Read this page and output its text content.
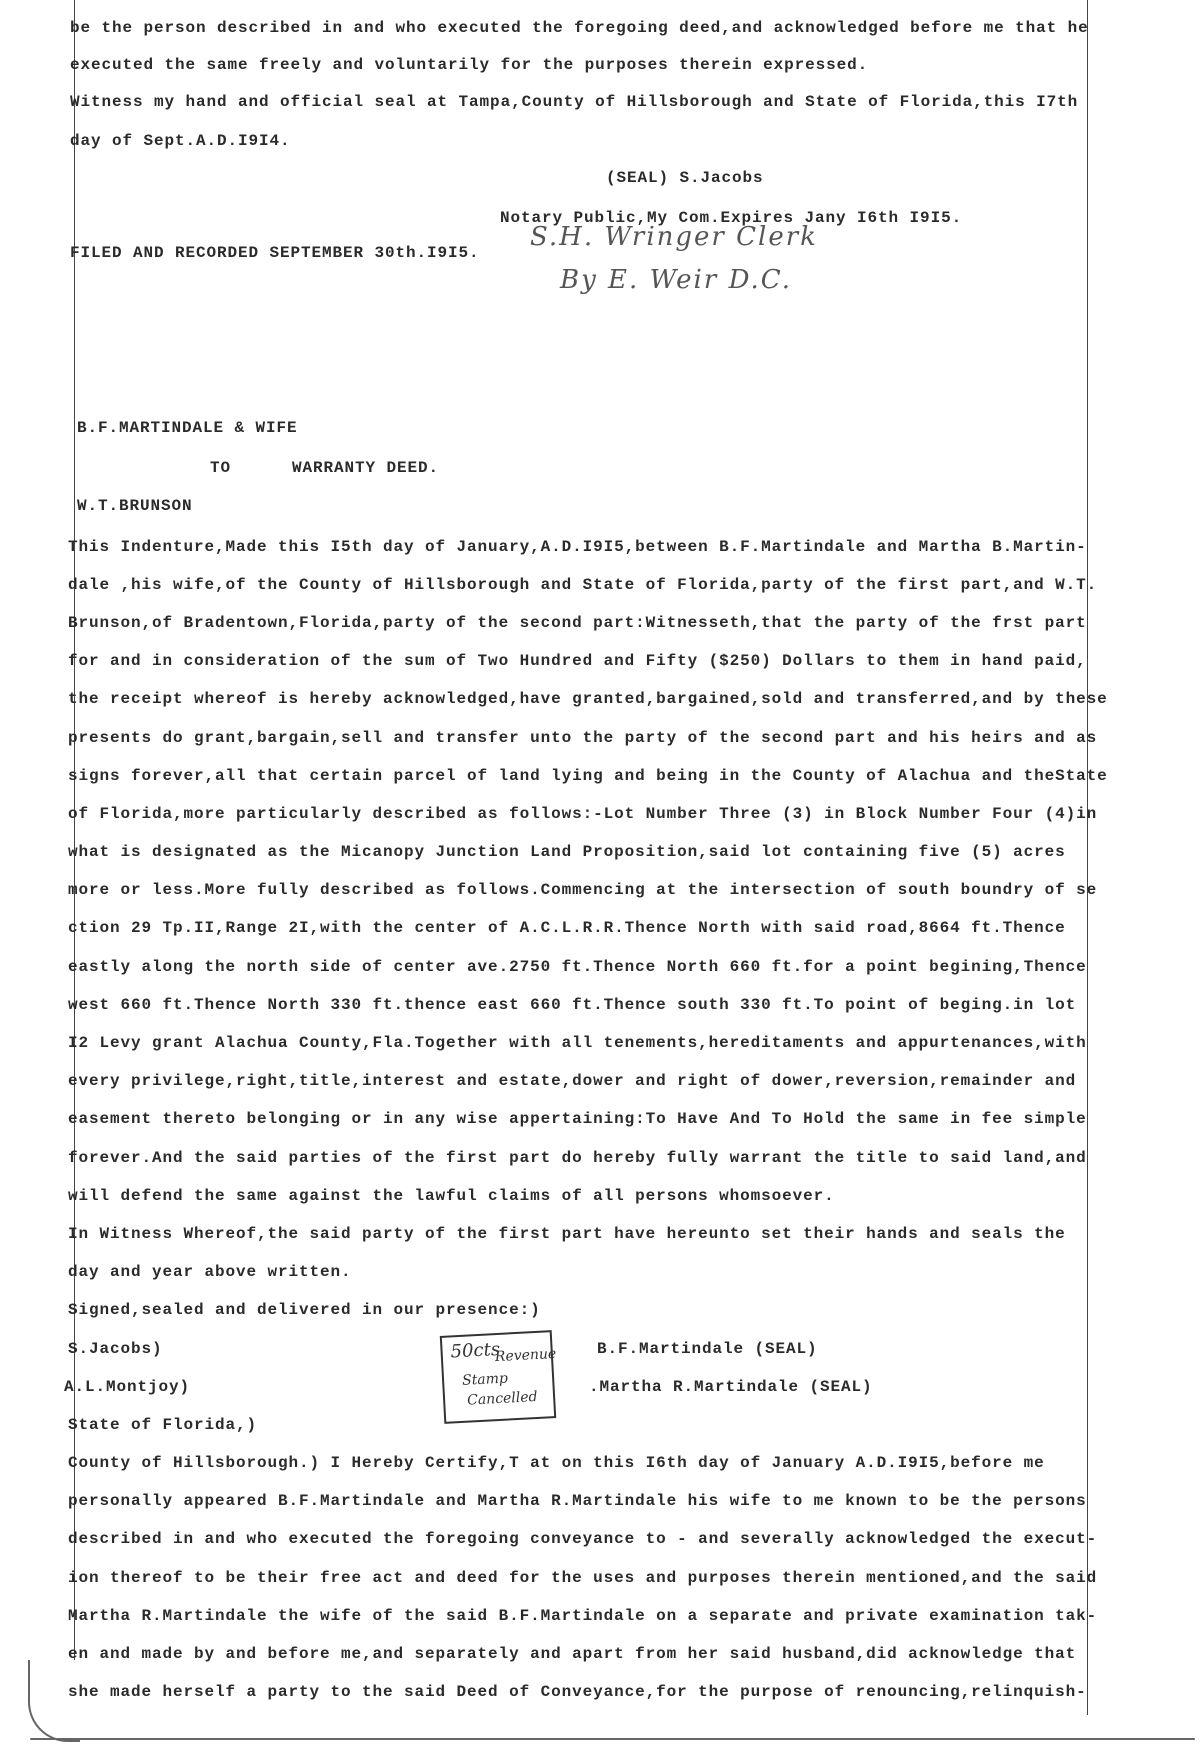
be the person described in and who executed the foregoing deed,and acknowledged before me that he

executed the same freely and voluntarily for the purposes therein expressed.

Witness my hand and official seal at Tampa,County of Hillsborough and State of Florida,this I7th

day of Sept.A.D.I9I4.

(SEAL) S.Jacobs

Notary Public,My Com.Expires Jany I6th I9I5.

FILED AND RECORDED SEPTEMBER 30th.I9I5.

S.H. Wringer Clerk

By E. Weir D.C.

B.F.MARTINDALE & WIFE

TO	WARRANTY DEED.

W.T.BRUNSON

This Indenture,Made this I5th day of January,A.D.I9I5,between B.F.Martindale and Martha B.Martin-

dale ,his wife,of the County of Hillsborough and State of Florida,party of the first part,and W.T.

Brunson,of Bradentown,Florida,party of the second part:Witnesseth,that the party of the frst part

for and in consideration of the sum of Two Hundred and Fifty ($250) Dollars to them in hand paid,

the receipt whereof is hereby acknowledged,have granted,bargained,sold and transferred,and by these

presents do grant,bargain,sell and transfer unto the party of the second part and his heirs and as

signs forever,all that certain parcel of land lying and being in the County of Alachua and theState

of Florida,more particularly described as follows:-Lot Number Three (3) in Block Number Four (4)in

what is designated as the Micanopy Junction Land Proposition,said lot containing five (5) acres

more or less.More fully described as follows.Commencing at the intersection of south boundry of se

ction 29 Tp.II,Range 2I,with the center of A.C.L.R.R.Thence North with said road,8664 ft.Thence

eastly along the north side of center ave.2750 ft.Thence North 660 ft.for a point begining,Thence

west 660 ft.Thence North 330 ft.thence east 660 ft.Thence south 330 ft.To point of beging.in lot

I2 Levy grant Alachua County,Fla.Together with all tenements,hereditaments and appurtenances,with

every privilege,right,title,interest and estate,dower and right of dower,reversion,remainder and

easement thereto belonging or in any wise appertaining:To Have And To Hold the same in fee simple

forever.And the said parties of the first part do hereby fully warrant the title to said land,and

will defend the same against the lawful claims of all persons whomsoever.

In Witness Whereof,the said party of the first part have hereunto set their hands and seals the

day and year above written.

Signed,sealed and delivered in our presence:)

S.Jacobs)	B.F.Martindale (SEAL)

A.L.Montjoy)	.Martha R.Martindale (SEAL)

50cts

Revenue

Stamp

Cancelled

State of Florida,)

County of Hillsborough.) I Hereby Certify,T at on this I6th day of January A.D.I9I5,before me

personally appeared B.F.Martindale and Martha R.Martindale his wife to me known to be the persons

described in and who executed the foregoing conveyance to - and severally acknowledged the execut-

ion thereof to be their free act and deed for the uses and purposes therein mentioned,and the said

Martha R.Martindale the wife of the said B.F.Martindale on a separate and private examination tak-

en and made by and before me,and separately and apart from her said husband,did acknowledge that

she made herself a party to the said Deed of Conveyance,for the purpose of renouncing,relinquish-
